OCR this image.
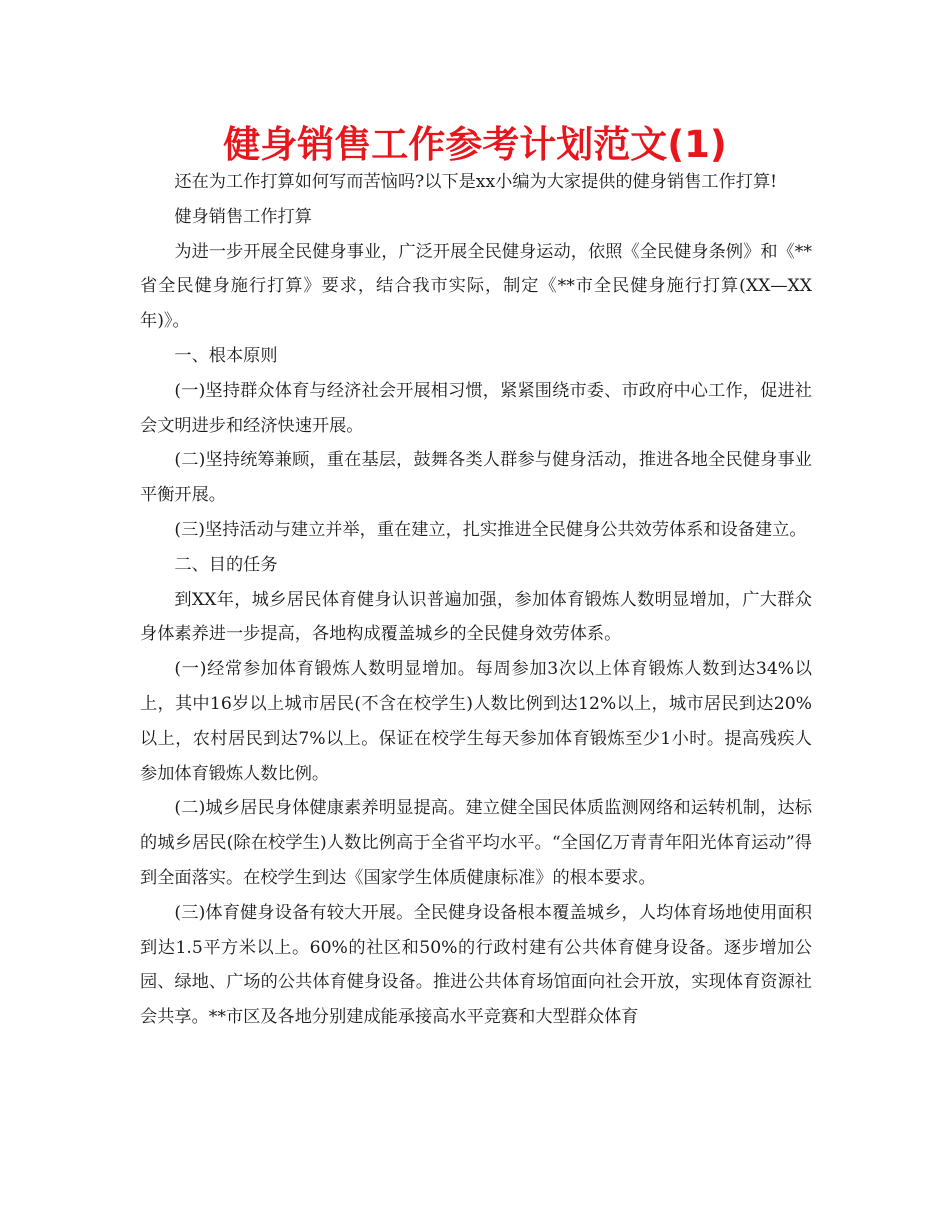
健身销售工作参考计划范文(1)

还在为工作打算如何写而苦恼吗?以下是xx小编为大家提供的健身销售工作打算!

健身销售工作打算

为进一步开展全民健身事业，广泛开展全民健身运动，依照《全民健身条例》和《**省全民健身施行打算》要求，结合我市实际，制定《**市全民健身施行打算(XX—XX年)》。

一、根本原则

(一)坚持群众体育与经济社会开展相习惯，紧紧围绕市委、市政府中心工作，促进社会文明进步和经济快速开展。

(二)坚持统筹兼顾，重在基层，鼓舞各类人群参与健身活动，推进各地全民健身事业平衡开展。

(三)坚持活动与建立并举，重在建立，扎实推进全民健身公共效劳体系和设备建立。

二、目的任务

到XX年，城乡居民体育健身认识普遍加强，参加体育锻炼人数明显增加，广大群众身体素养进一步提高，各地构成覆盖城乡的全民健身效劳体系。

(一)经常参加体育锻炼人数明显增加。每周参加3次以上体育锻炼人数到达34%以上，其中16岁以上城市居民(不含在校学生)人数比例到达12%以上，城市居民到达20%以上，农村居民到达7%以上。保证在校学生每天参加体育锻炼至少1小时。提高残疾人参加体育锻炼人数比例。

(二)城乡居民身体健康素养明显提高。建立健全国民体质监测网络和运转机制，达标的城乡居民(除在校学生)人数比例高于全省平均水平。“全国亿万青青年阳光体育运动”得到全面落实。在校学生到达《国家学生体质健康标准》的根本要求。

(三)体育健身设备有较大开展。全民健身设备根本覆盖城乡，人均体育场地使用面积到达1.5平方米以上。60%的社区和50%的行政村建有公共体育健身设备。逐步增加公园、绿地、广场的公共体育健身设备。推进公共体育场馆面向社会开放，实现体育资源社会共享。**市区及各地分别建成能承接高水平竞赛和大型群众体育
